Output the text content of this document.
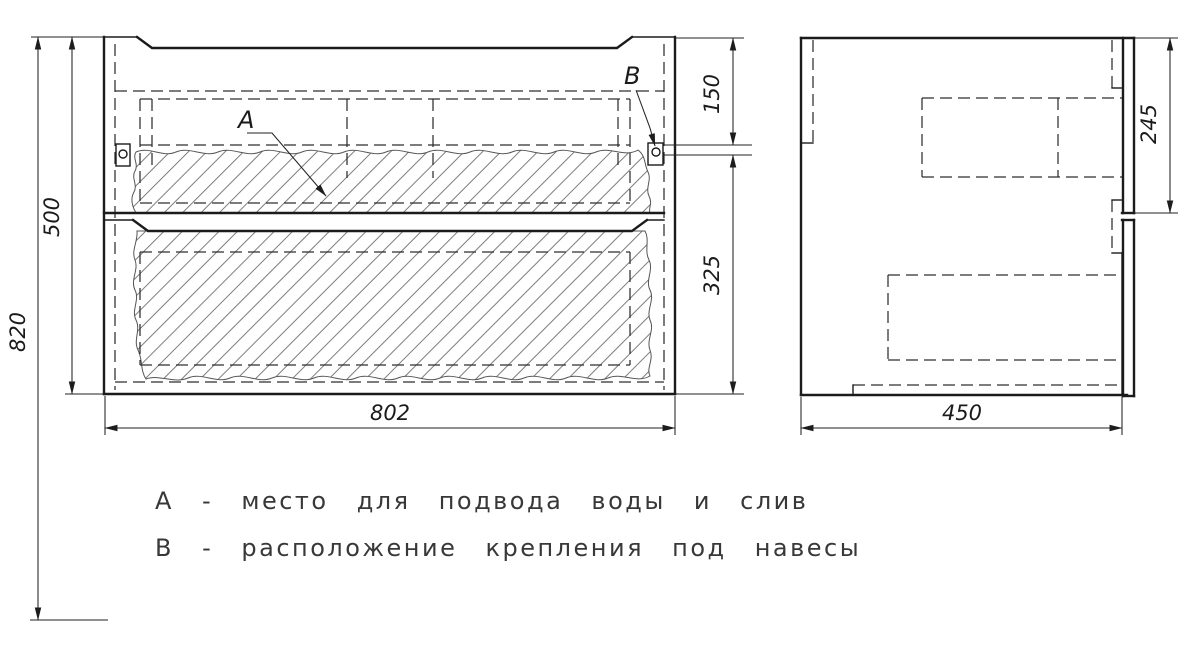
820
500
150
325
802
245
450
А
В
А - место для подвода воды и слив
В - расположение крепления под навесы
